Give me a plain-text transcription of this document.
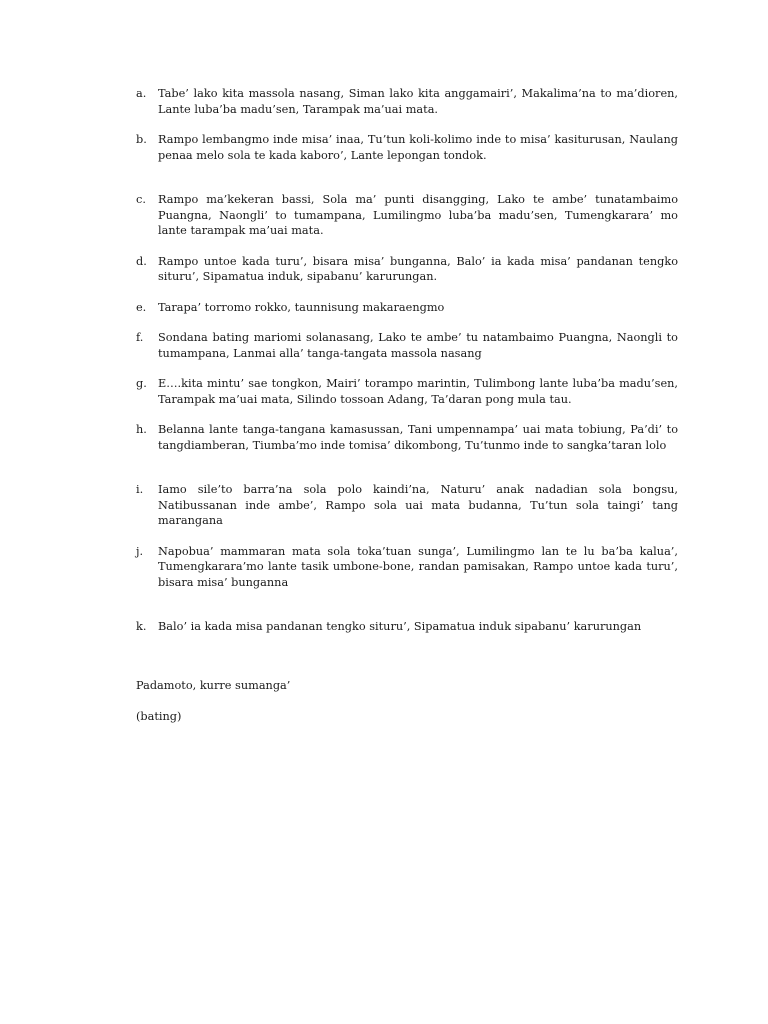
a.	Tabe’ lako kita massola nasang, Siman lako kita anggamairi’, Makalima’na to ma’dioren, Lante luba’ba madu’sen, Tarampak ma’uai mata.
b. Rampo lembangmo inde misa’ inaa, Tu’tun koli-kolimo inde to misa’ kasiturusan, Naulang penaa melo sola te kada kaboro’, Lante lepongan tondok.
c.	Rampo ma’kekeran bassi, Sola ma’ punti disangging, Lako te ambe’ tunatambaimo Puangna, Naongli’ to tumampana, Lumilingmo luba’ba madu’sen, Tumengkarara’ mo lante tarampak ma’uai mata.
d. Rampo untoe kada turu’, bisara misa’ bunganna, Balo’ ia kada misa’ pandanan tengko situru’, Sipamatua induk, sipabanu’ karurungan.
e.	Tarapa’ torromo rokko, taunnisung makaraengmo
f.	Sondana bating mariomi solanasang, Lako te ambe’ tu natambaimo Puangna, Naongli to tumampana, Lanmai alla’ tanga-tangata massola nasang
g. E….kita mintu’ sae tongkon, Mairi’ torampo marintin, Tulimbong lante luba’ba madu’sen, Tarampak ma’uai mata, Silindo tossoan Adang, Ta’daran pong mula tau.
h. Belanna lante tanga-tangana kamasussan, Tani umpennampa’ uai mata tobiung, Pa’di’ to tangdiamberan, Tiumba’mo inde tomisa’ dikombong, Tu’tunmo inde to sangka’taran lolo
i.	Iamo sile’to barra’na sola polo kaindi’na, Naturu’ anak nadadian sola bongsu, Natibussanan inde ambe’, Rampo sola uai mata budanna, Tu’tun sola taingi’ tang marangana
j.	Napobua’ mammaran mata sola toka’tuan sunga’, Lumilingmo lan te lu ba’ba kalua’, Tumengkarara’mo lante tasik umbone-bone, randan pamisakan, Rampo untoe kada turu’, bisara misa’ bunganna
k.	Balo’ ia kada misa pandanan tengko situru’, Sipamatua induk sipabanu’ karurungan
Padamoto, kurre sumanga’
(bating)
